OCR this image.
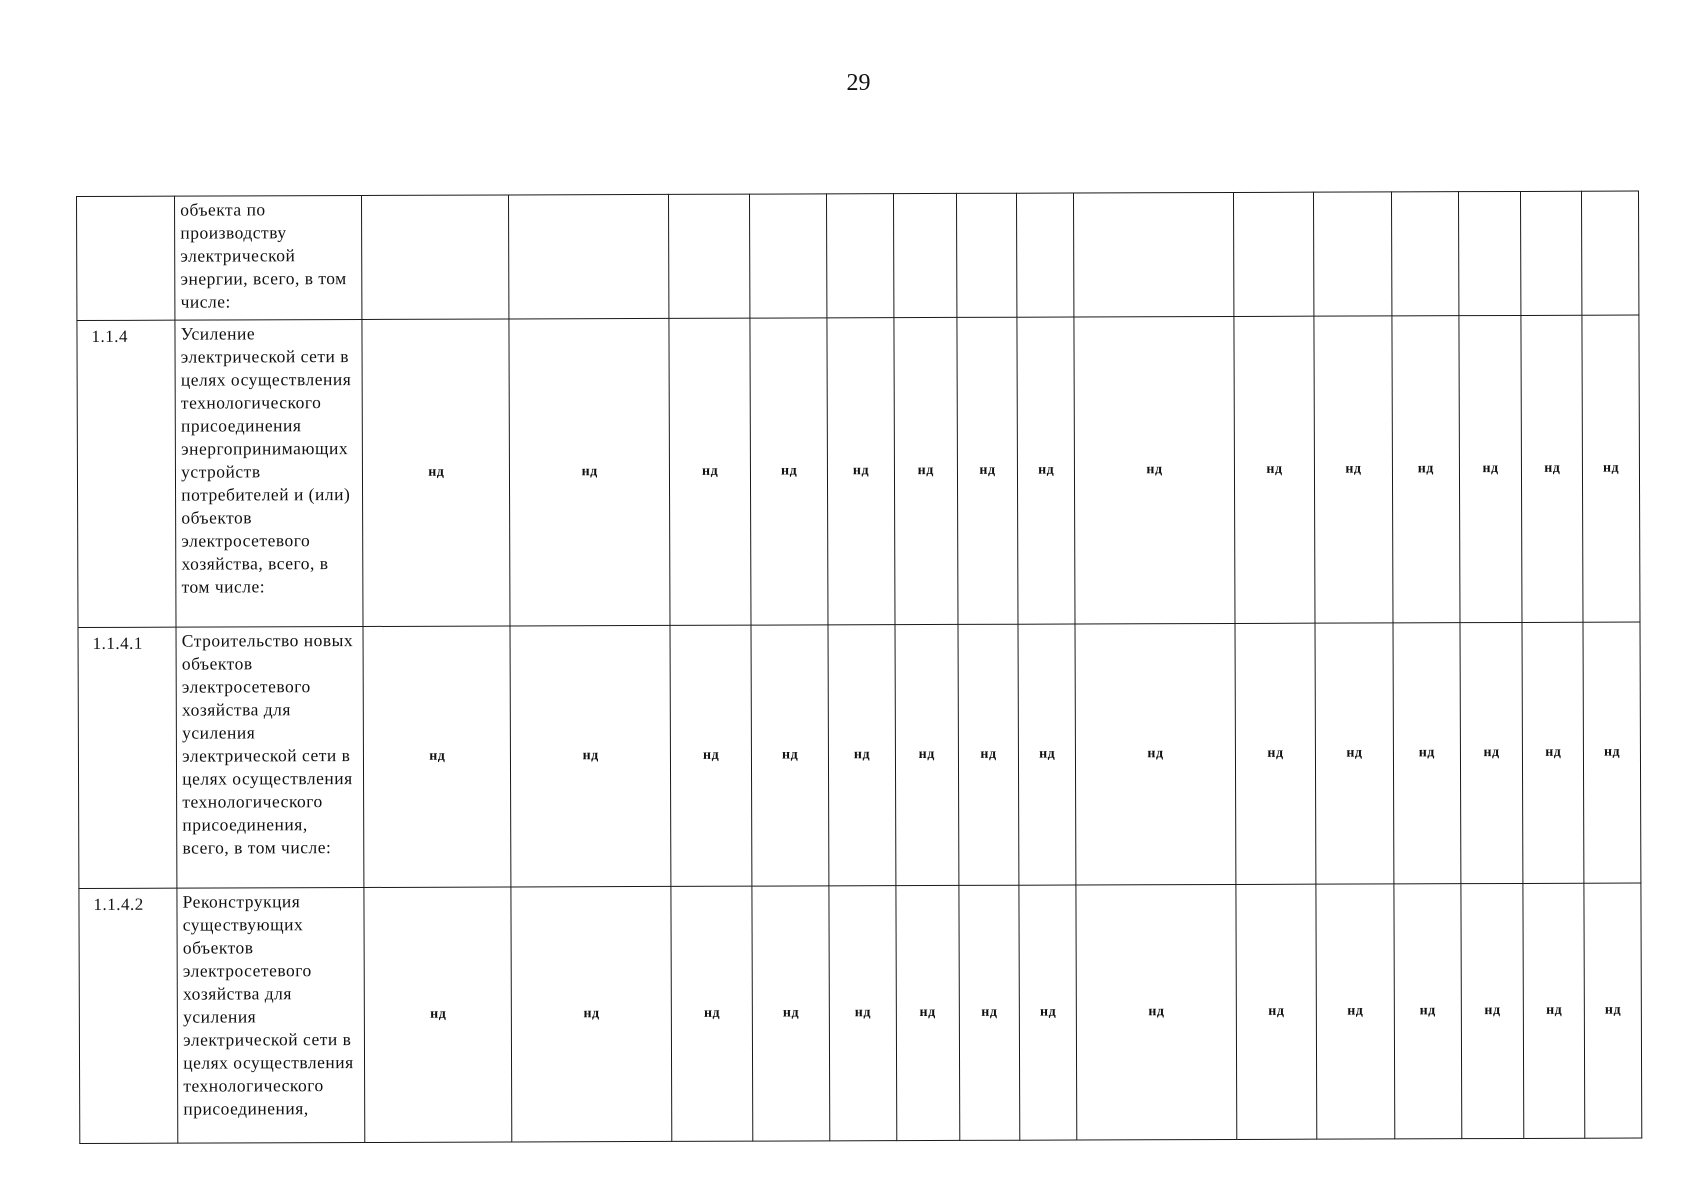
29
	объекта по производству электрической энергии, всего, в том числе:															
1.1.4	Усиление электрической сети в целях осуществления технологического присоединения энергопринимающих устройств потребителей и (или) объектов электросетевого хозяйства, всего, в том числе:	нд	нд	нд	нд	нд	нд	нд	нд	нд	нд	нд	нд	нд	нд	нд
1.1.4.1	Строительство новых объектов электросетевого хозяйства для усиления электрической сети в целях осуществления технологического присоединения, всего, в том числе:	нд	нд	нд	нд	нд	нд	нд	нд	нд	нд	нд	нд	нд	нд	нд
1.1.4.2	Реконструкция существующих объектов электросетевого хозяйства для усиления электрической сети в целях осуществления технологического присоединения,	нд	нд	нд	нд	нд	нд	нд	нд	нд	нд	нд	нд	нд	нд	нд
